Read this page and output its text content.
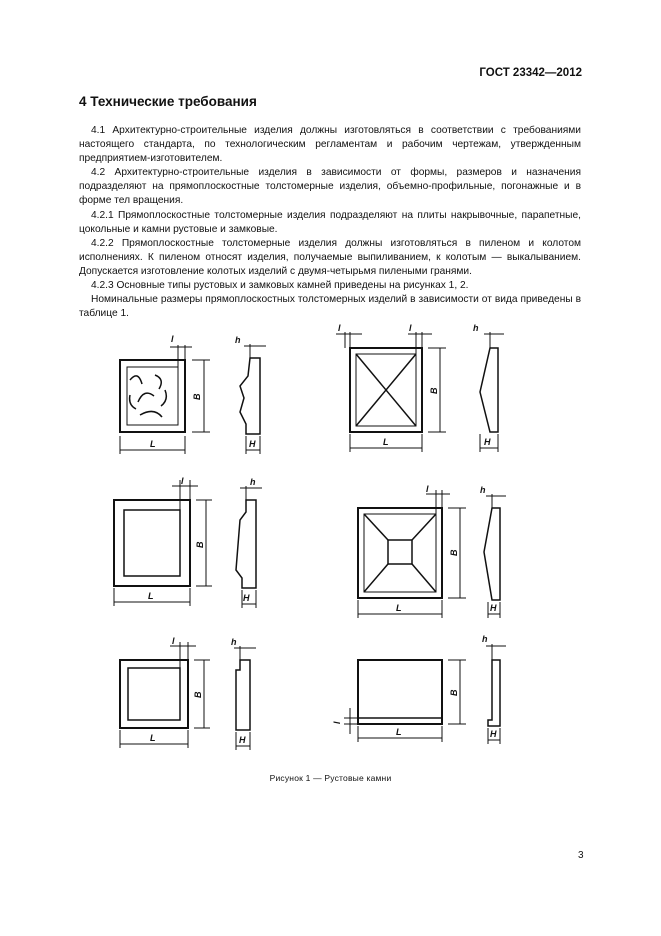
ГОСТ 23342—2012
4 Технические требования

4.1 Архитектурно-строительные изделия должны изготовляться в соответствии с требованиями настоящего стандарта, по технологическим регламентам и рабочим чертежам, утвержденным предприятием-изготовителем.

4.2 Архитектурно-строительные изделия в зависимости от формы, размеров и назначения подразделяют на прямоплоскостные толстомерные изделия, объемно-профильные, погонажные и в форме тел вращения.

4.2.1 Прямоплоскостные толстомерные изделия подразделяют на плиты накрывочные, парапетные, цокольные и камни рустовые и замковые.

4.2.2 Прямоплоскостные толстомерные изделия должны изготовляться в пиленом и колотом исполнениях. К пиленом относят изделия, получаемые выпиливанием, к колотым — выкалыванием. Допускается изготовление колотых изделий с двумя-четырьмя пилеными гранями.

4.2.3 Основные типы рустовых и замковых камней приведены на рисунках 1, 2.

Номинальные размеры прямоплоскостных толстомерных изделий в зависимости от вида приведены в таблице 1.

L
B
l
H
h
L
B
l	l
H
h
L
B
l
H
h
L
B
l
H
h
L
B
l
H
h
L
B
l
H
h
Рисунок 1 — Рустовые камни
3
